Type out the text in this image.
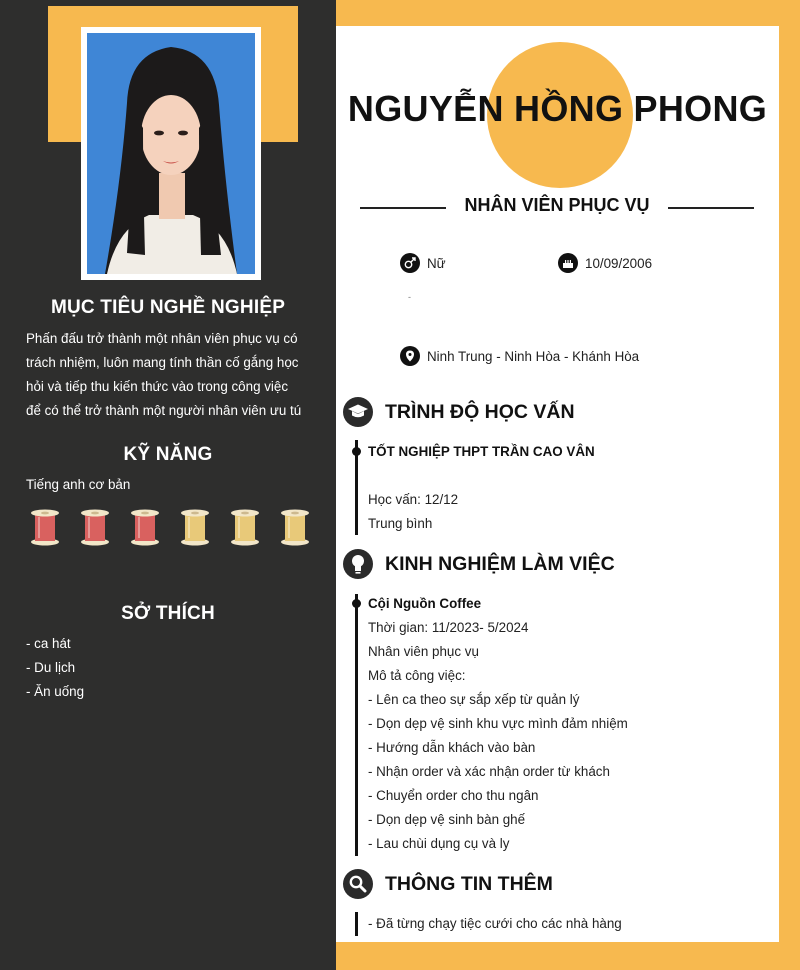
MỤC TIÊU NGHỀ NGHIỆP
Phấn đấu trở thành một nhân viên phục vụ có
trách nhiệm, luôn mang tính thần cố gắng học
hỏi và tiếp thu kiến thức vào trong công việc
để có thể trở thành một người nhân viên ưu tú
KỸ NĂNG
Tiếng anh cơ bản
SỞ THÍCH
- ca hát
- Du lịch
- Ăn uống
NGUYỄN HỒNG PHONG
NHÂN VIÊN PHỤC VỤ
Nữ	10/09/2006
-
Ninh Trung - Ninh Hòa - Khánh Hòa
TRÌNH ĐỘ HỌC VẤN
TỐT NGHIỆP THPT TRẦN CAO VÂN
Học vấn: 12/12
Trung bình
KINH NGHIỆM LÀM VIỆC
Cội Nguồn Coffee
Thời gian: 11/2023- 5/2024
Nhân viên phục vụ
Mô tả công việc:
- Lên ca theo sự sắp xếp từ quản lý
- Dọn dẹp vệ sinh khu vực mình đảm nhiệm
- Hướng dẫn khách vào bàn
- Nhận order và xác nhận order từ khách
- Chuyển order cho thu ngân
- Dọn dẹp vệ sinh bàn ghế
- Lau chùi dụng cụ và ly
THÔNG TIN THÊM
- Đã từng chạy tiệc cưới cho các nhà hàng
